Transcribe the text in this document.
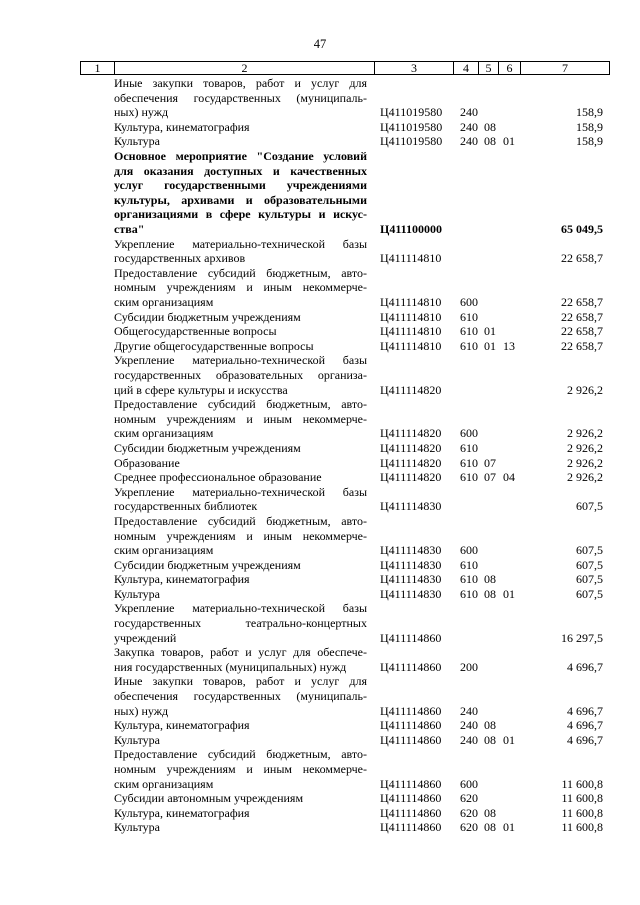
47
1	2	3	4	5	6	7
Иные закупки товаров, работ и услуг для
обеспечения государственных (муниципаль-
ных) нужд	Ц411019580	240	158,9
Культура, кинематография	Ц411019580	240 08	158,9
Культура	Ц411019580	240 08 01	158,9
Основное мероприятие "Создание условий
для оказания доступных и качественных
услуг государственными учреждениями
культуры, архивами и образовательными
организациями в сфере культуры и искус-
ства"	Ц411100000	65 049,5
Укрепление материально-технической базы
государственных архивов	Ц411114810	22 658,7
Предоставление субсидий бюджетным, авто-
номным учреждениям и иным некоммерче-
ским организациям	Ц411114810	600	22 658,7
Субсидии бюджетным учреждениям	Ц411114810	610	22 658,7
Общегосударственные вопросы	Ц411114810	610 01	22 658,7
Другие общегосударственные вопросы	Ц411114810	610 01 13	22 658,7
Укрепление материально-технической базы
государственных образовательных организа-
ций в сфере культуры и искусства	Ц411114820	2 926,2
Предоставление субсидий бюджетным, авто-
номным учреждениям и иным некоммерче-
ским организациям	Ц411114820	600	2 926,2
Субсидии бюджетным учреждениям	Ц411114820	610	2 926,2
Образование	Ц411114820	610 07	2 926,2
Среднее профессиональное образование	Ц411114820	610 07 04	2 926,2
Укрепление материально-технической базы
государственных библиотек	Ц411114830	607,5
Предоставление субсидий бюджетным, авто-
номным учреждениям и иным некоммерче-
ским организациям	Ц411114830	600	607,5
Субсидии бюджетным учреждениям	Ц411114830	610	607,5
Культура, кинематография	Ц411114830	610 08	607,5
Культура	Ц411114830	610 08 01	607,5
Укрепление материально-технической базы
государственных театрально-концертных
учреждений	Ц411114860	16 297,5
Закупка товаров, работ и услуг для обеспече-
ния государственных (муниципальных) нужд	Ц411114860	200	4 696,7
Иные закупки товаров, работ и услуг для
обеспечения государственных (муниципаль-
ных) нужд	Ц411114860	240	4 696,7
Культура, кинематография	Ц411114860	240 08	4 696,7
Культура	Ц411114860	240 08 01	4 696,7
Предоставление субсидий бюджетным, авто-
номным учреждениям и иным некоммерче-
ским организациям	Ц411114860	600	11 600,8
Субсидии автономным учреждениям	Ц411114860	620	11 600,8
Культура, кинематография	Ц411114860	620 08	11 600,8
Культура	Ц411114860	620 08 01	11 600,8
